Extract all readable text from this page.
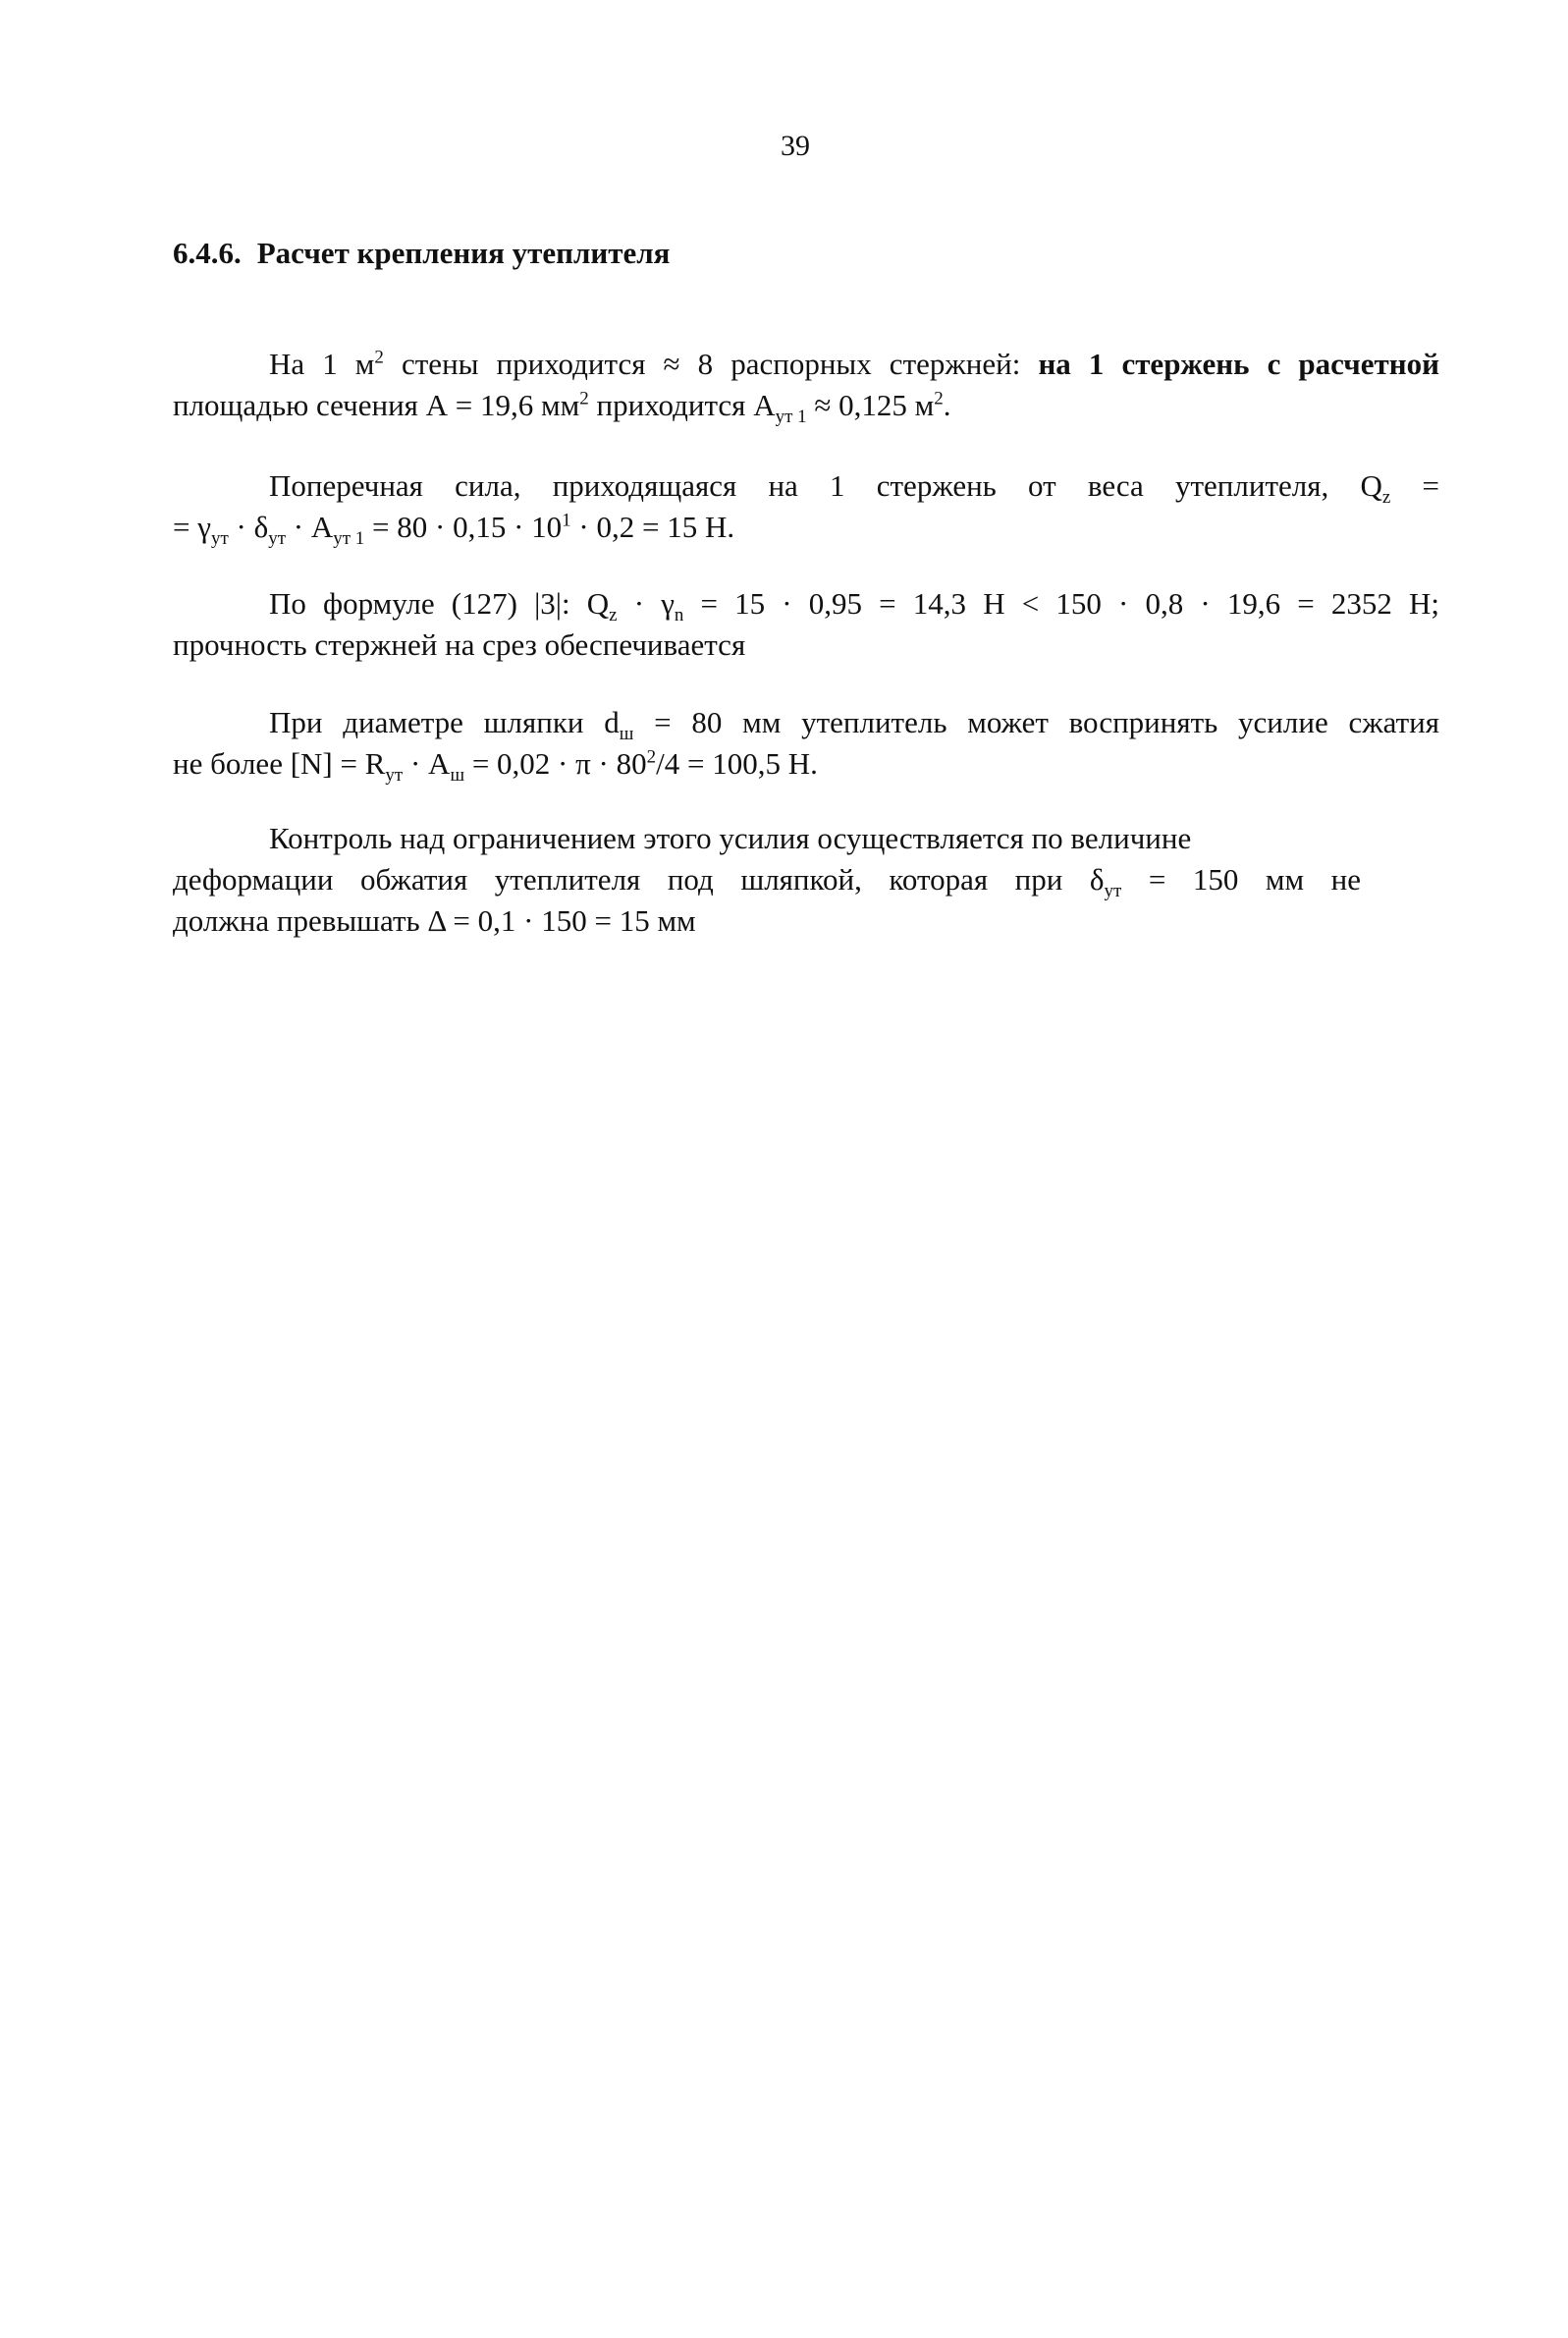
39
6.4.6. Расчет крепления утеплителя
На 1 $м^2$ стены приходится ≈ 8 распорных стержней: на 1 стержень с расчетной
площадью сечения А = 19,6 $мм^2$ приходится $А_{ут 1} \approx 0,125$ $м^2$.
Поперечная сила, приходящаяся на 1 стержень от веса утеплителя, $Q_z$ =
= $\gamma_{ут} \cdot \delta_{ут} \cdot А_{ут 1} = 80 \cdot 0,15 \cdot 10^1 \cdot 0,2 = 15$ Н.
По формуле (127) |3|: $Q_z \cdot \gamma_n = 15 \cdot 0,95 = 14,3$ Н < 150 · 0,8 · 19,6 = 2352 Н;
прочность стержней на срез обеспечивается
При диаметре шляпки $d_ш = 80$ мм утеплитель может воспринять усилие сжатия
не более $[N] = R_{ут} \cdot А_ш = 0,02 \cdot \pi \cdot 80^2/4 = 100,5$ Н.
Контроль над ограничением этого усилия осуществляется по величине
деформации обжатия утеплителя под шляпкой, которая при $\delta_{ут} = 150$ мм не
должна превышать Δ = 0,1 · 150 = 15 мм
